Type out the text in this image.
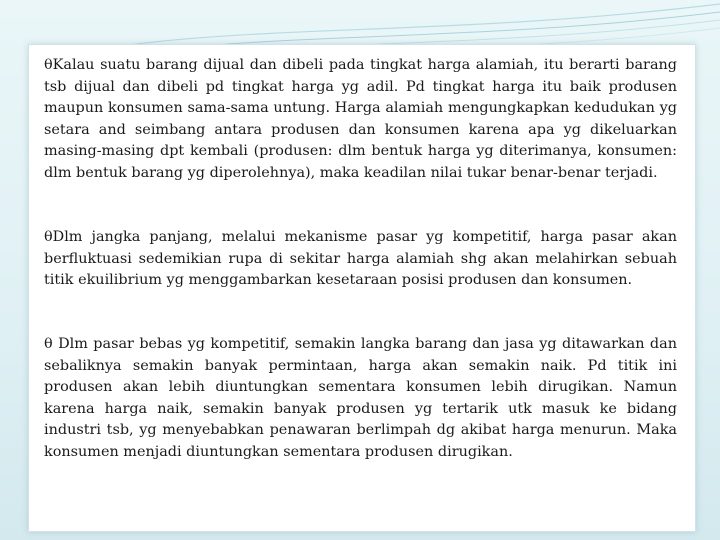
θKalau suatu barang dijual dan dibeli pada tingkat harga alamiah, itu berarti barang tsb dijual dan dibeli pd tingkat harga yg adil. Pd tingkat harga itu baik produsen maupun konsumen sama-sama untung. Harga alamiah mengungkapkan kedudukan yg setara and seimbang antara produsen dan konsumen karena apa yg dikeluarkan masing-masing dpt kembali (produsen: dlm bentuk harga yg diterimanya, konsumen: dlm bentuk barang yg diperolehnya), maka keadilan nilai tukar benar-benar terjadi.

θDlm jangka panjang, melalui mekanisme pasar yg kompetitif, harga pasar akan berfluktuasi sedemikian rupa di sekitar harga alamiah shg akan melahirkan sebuah titik ekuilibrium yg menggambarkan kesetaraan posisi produsen dan konsumen.

θ Dlm pasar bebas yg kompetitif, semakin langka barang dan jasa yg ditawarkan dan sebaliknya semakin banyak permintaan, harga akan semakin naik. Pd titik ini produsen akan lebih diuntungkan sementara konsumen lebih dirugikan. Namun karena harga naik, semakin banyak produsen yg tertarik utk masuk ke bidang industri tsb, yg menyebabkan penawaran berlimpah dg akibat harga menurun. Maka konsumen menjadi diuntungkan sementara produsen dirugikan.
